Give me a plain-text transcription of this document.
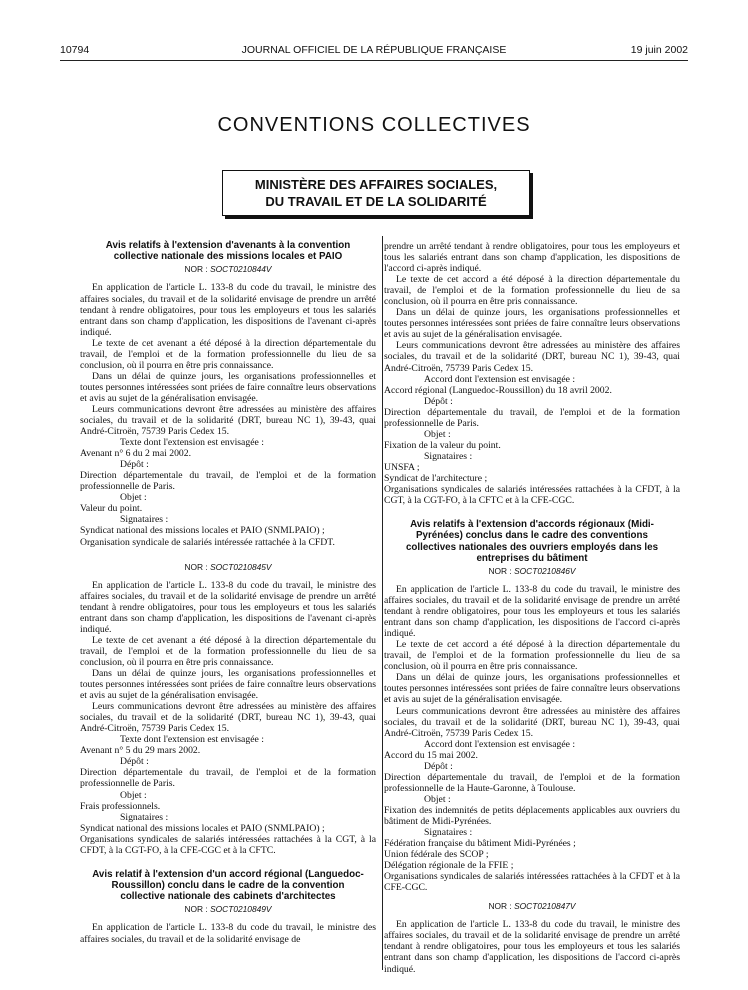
10794	JOURNAL OFFICIEL DE LA RÉPUBLIQUE FRANÇAISE	19 juin 2002
CONVENTIONS COLLECTIVES
MINISTÈRE DES AFFAIRES SOCIALES,
DU TRAVAIL ET DE LA SOLIDARITÉ
Avis relatifs à l'extension d'avenants à la convention collective nationale des missions locales et PAIO
NOR : SOCT0210844V

En application de l'article L. 133-8 du code du travail, le ministre des affaires sociales, du travail et de la solidarité envisage de prendre un arrêté tendant à rendre obligatoires, pour tous les employeurs et tous les salariés entrant dans son champ d'application, les dispositions de l'avenant ci-après indiqué.

Le texte de cet avenant a été déposé à la direction départementale du travail, de l'emploi et de la formation professionnelle du lieu de sa conclusion, où il pourra en être pris connaissance.

Dans un délai de quinze jours, les organisations professionnelles et toutes personnes intéressées sont priées de faire connaître leurs observations et avis au sujet de la généralisation envisagée.

Leurs communications devront être adressées au ministère des affaires sociales, du travail et de la solidarité (DRT, bureau NC 1), 39-43, quai André-Citroën, 75739 Paris Cedex 15.

Texte dont l'extension est envisagée :

Avenant n° 6 du 2 mai 2002.

Dépôt :

Direction départementale du travail, de l'emploi et de la formation professionnelle de Paris.

Objet :

Valeur du point.

Signataires :

Syndicat national des missions locales et PAIO (SNMLPAIO) ;

Organisation syndicale de salariés intéressée rattachée à la CFDT.

NOR : SOCT0210845V

En application de l'article L. 133-8 du code du travail, le ministre des affaires sociales, du travail et de la solidarité envisage de prendre un arrêté tendant à rendre obligatoires, pour tous les employeurs et tous les salariés entrant dans son champ d'application, les dispositions de l'avenant ci-après indiqué.

Le texte de cet avenant a été déposé à la direction départementale du travail, de l'emploi et de la formation professionnelle du lieu de sa conclusion, où il pourra en être pris connaissance.

Dans un délai de quinze jours, les organisations professionnelles et toutes personnes intéressées sont priées de faire connaître leurs observations et avis au sujet de la généralisation envisagée.

Leurs communications devront être adressées au ministère des affaires sociales, du travail et de la solidarité (DRT, bureau NC 1), 39-43, quai André-Citroën, 75739 Paris Cedex 15.

Texte dont l'extension est envisagée :

Avenant n° 5 du 29 mars 2002.

Dépôt :

Direction départementale du travail, de l'emploi et de la formation professionnelle de Paris.

Objet :

Frais professionnels.

Signataires :

Syndicat national des missions locales et PAIO (SNMLPAIO) ;

Organisations syndicales de salariés intéressées rattachées à la CGT, à la CFDT, à la CGT-FO, à la CFE-CGC et à la CFTC.

Avis relatif à l'extension d'un accord régional (Languedoc-Roussillon) conclu dans le cadre de la convention collective nationale des cabinets d'architectes
NOR : SOCT0210849V

En application de l'article L. 133-8 du code du travail, le ministre des affaires sociales, du travail et de la solidarité envisage de

prendre un arrêté tendant à rendre obligatoires, pour tous les employeurs et tous les salariés entrant dans son champ d'application, les dispositions de l'accord ci-après indiqué.

Le texte de cet accord a été déposé à la direction départementale du travail, de l'emploi et de la formation professionnelle du lieu de sa conclusion, où il pourra en être pris connaissance.

Dans un délai de quinze jours, les organisations professionnelles et toutes personnes intéressées sont priées de faire connaître leurs observations et avis au sujet de la généralisation envisagée.

Leurs communications devront être adressées au ministère des affaires sociales, du travail et de la solidarité (DRT, bureau NC 1), 39-43, quai André-Citroën, 75739 Paris Cedex 15.

Accord dont l'extension est envisagée :

Accord régional (Languedoc-Roussillon) du 18 avril 2002.

Dépôt :

Direction départementale du travail, de l'emploi et de la formation professionnelle de Paris.

Objet :

Fixation de la valeur du point.

Signataires :

UNSFA ;

Syndicat de l'architecture ;

Organisations syndicales de salariés intéressées rattachées à la CFDT, à la CGT, à la CGT-FO, à la CFTC et à la CFE-CGC.

Avis relatifs à l'extension d'accords régionaux (Midi-Pyrénées) conclus dans le cadre des conventions collectives nationales des ouvriers employés dans les entreprises du bâtiment
NOR : SOCT0210846V

En application de l'article L. 133-8 du code du travail, le ministre des affaires sociales, du travail et de la solidarité envisage de prendre un arrêté tendant à rendre obligatoires, pour tous les employeurs et tous les salariés entrant dans son champ d'application, les dispositions de l'accord ci-après indiqué.

Le texte de cet accord a été déposé à la direction départementale du travail, de l'emploi et de la formation professionnelle du lieu de sa conclusion, où il pourra en être pris connaissance.

Dans un délai de quinze jours, les organisations professionnelles et toutes personnes intéressées sont priées de faire connaître leurs observations et avis au sujet de la généralisation envisagée.

Leurs communications devront être adressées au ministère des affaires sociales, du travail et de la solidarité (DRT, bureau NC 1), 39-43, quai André-Citroën, 75739 Paris Cedex 15.

Accord dont l'extension est envisagée :

Accord du 15 mai 2002.

Dépôt :

Direction départementale du travail, de l'emploi et de la formation professionnelle de la Haute-Garonne, à Toulouse.

Objet :

Fixation des indemnités de petits déplacements applicables aux ouvriers du bâtiment de Midi-Pyrénées.

Signataires :

Fédération française du bâtiment Midi-Pyrénées ;

Union fédérale des SCOP ;

Délégation régionale de la FFIE ;

Organisations syndicales de salariés intéressées rattachées à la CFDT et à la CFE-CGC.

NOR : SOCT0210847V

En application de l'article L. 133-8 du code du travail, le ministre des affaires sociales, du travail et de la solidarité envisage de prendre un arrêté tendant à rendre obligatoires, pour tous les employeurs et tous les salariés entrant dans son champ d'application, les dispositions de l'accord ci-après indiqué.
